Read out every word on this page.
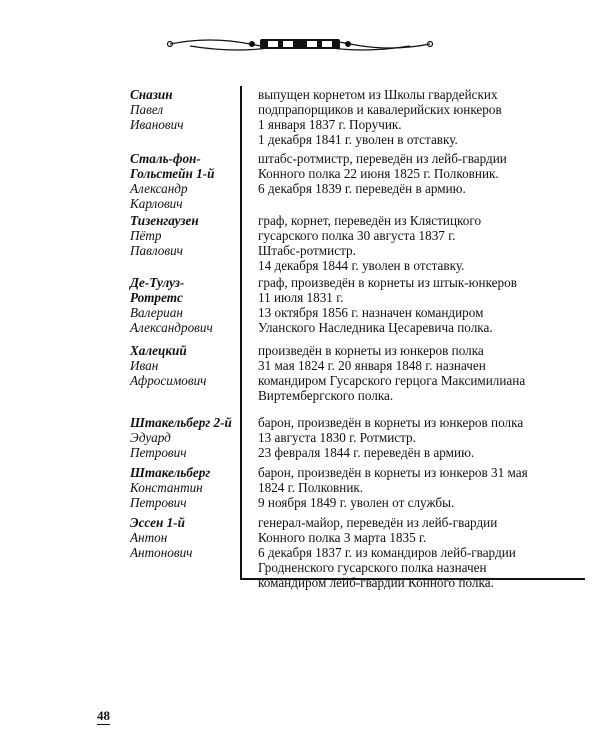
Сназин
Павел
Иванович
выпущен корнетом из Школы гвардейских
подпрапорщиков и кавалерийских юнкеров
1 января 1837 г. Поручик.
1 декабря 1841 г. уволен в отставку.
Сталь-фон-
Гольстейн 1-й
Александр
Карлович
штабс-ротмистр, переведён из лейб-гвардии
Конного полка 22 июня 1825 г. Полковник.
6 декабря 1839 г. переведён в армию.
Тизенгаузен
Пётр
Павлович
граф, корнет, переведён из Клястицкого
гусарского полка 30 августа 1837 г.
Штабс-ротмистр.
14 декабря 1844 г. уволен в отставку.
Де-Тулуз-
Ротретс
Валериан
Александрович
граф, произведён в корнеты из штык-юнкеров
11 июля 1831 г.
13 октября 1856 г. назначен командиром
Уланского Наследника Цесаревича полка.
Халецкий
Иван
Афросимович
произведён в корнеты из юнкеров полка
31 мая 1824 г. 20 января 1848 г. назначен
командиром Гусарского герцога Максимилиана
Виртембергского полка.
Штакельберг 2-й
Эдуард
Петрович
барон, произведён в корнеты из юнкеров полка
13 августа 1830 г. Ротмистр.
23 февраля 1844 г. переведён в армию.
Штакельберг
Константин
Петрович
барон, произведён в корнеты из юнкеров 31 мая
1824 г. Полковник.
9 ноября 1849 г. уволен от службы.
Эссен 1-й
Антон
Антонович
генерал-майор, переведён из лейб-гвардии
Конного полка 3 марта 1835 г.
6 декабря 1837 г. из командиров лейб-гвардии
Гродненского гусарского полка назначен
командиром лейб-гвардии Конного полка.
48
